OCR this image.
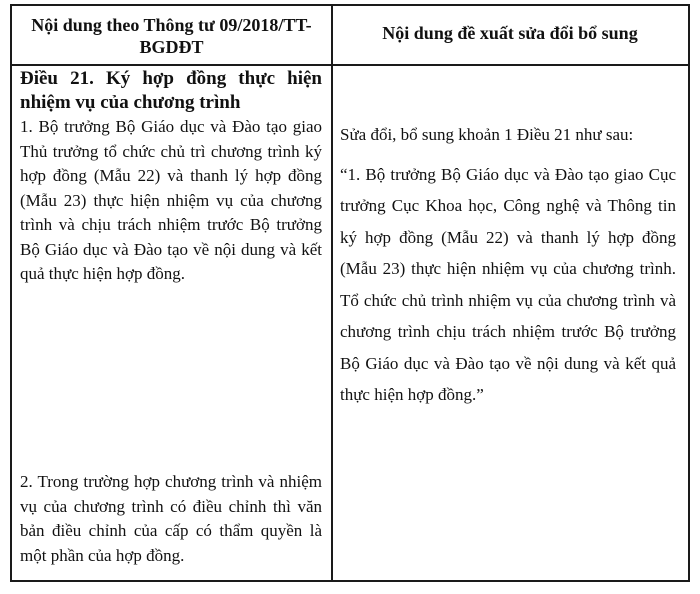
Nội dung theo Thông tư 09/2018/TT-BGDĐT
Nội dung đề xuất sửa đổi bổ sung

Điều 21. Ký hợp đồng thực hiện nhiệm vụ của chương trình

1. Bộ trưởng Bộ Giáo dục và Đào tạo giao Thủ trưởng tổ chức chủ trì chương trình ký hợp đồng (Mẫu 22) và thanh lý hợp đồng (Mẫu 23) thực hiện nhiệm vụ của chương trình và chịu trách nhiệm trước Bộ trưởng Bộ Giáo dục và Đào tạo về nội dung và kết quả thực hiện hợp đồng.

2. Trong trường hợp chương trình và nhiệm vụ của chương trình có điều chỉnh thì văn bản điều chỉnh của cấp có thẩm quyền là một phần của hợp đồng.

Sửa đổi, bổ sung khoản 1 Điều 21 như sau:

“1. Bộ trưởng Bộ Giáo dục và Đào tạo giao Cục trưởng Cục Khoa học, Công nghệ và Thông tin ký hợp đồng (Mẫu 22) và thanh lý hợp đồng (Mẫu 23) thực hiện nhiệm vụ của chương trình. Tổ chức chủ trình nhiệm vụ của chương trình và chương trình chịu trách nhiệm trước Bộ trưởng Bộ Giáo dục và Đào tạo về nội dung và kết quả thực hiện hợp đồng.”
